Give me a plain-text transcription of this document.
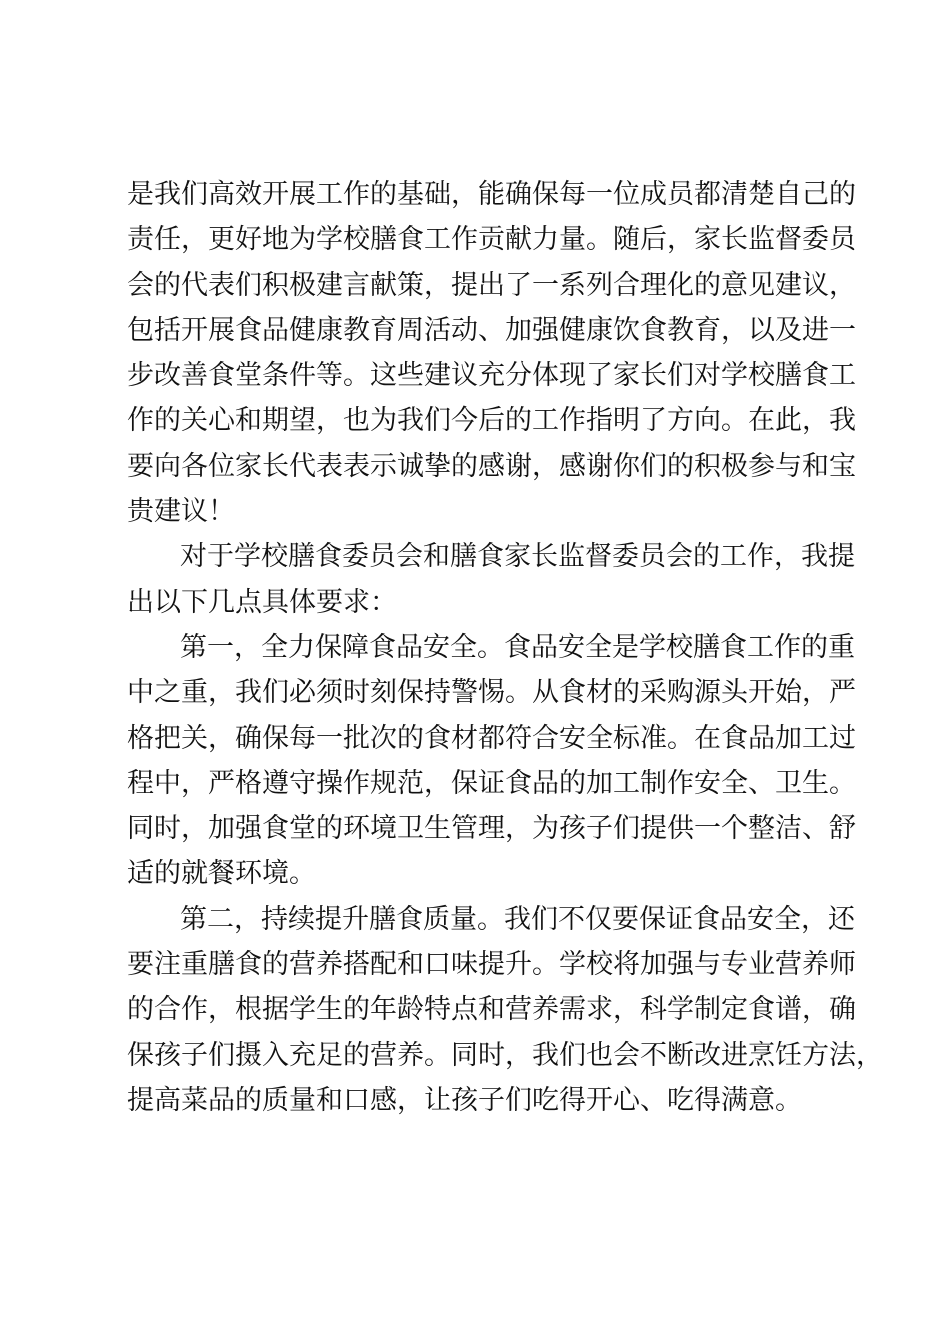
是我们高效开展工作的基础，能确保每一位成员都清楚自己的

责任，更好地为学校膳食工作贡献力量。随后，家长监督委员

会的代表们积极建言献策，提出了一系列合理化的意见建议，

包括开展食品健康教育周活动、加强健康饮食教育，以及进一

步改善食堂条件等。这些建议充分体现了家长们对学校膳食工

作的关心和期望，也为我们今后的工作指明了方向。在此，我

要向各位家长代表表示诚挚的感谢，感谢你们的积极参与和宝

贵建议！

对于学校膳食委员会和膳食家长监督委员会的工作，我提

出以下几点具体要求：

第一，全力保障食品安全。食品安全是学校膳食工作的重

中之重，我们必须时刻保持警惕。从食材的采购源头开始，严

格把关，确保每一批次的食材都符合安全标准。在食品加工过

程中，严格遵守操作规范，保证食品的加工制作安全、卫生。

同时，加强食堂的环境卫生管理，为孩子们提供一个整洁、舒

适的就餐环境。

第二，持续提升膳食质量。我们不仅要保证食品安全，还

要注重膳食的营养搭配和口味提升。学校将加强与专业营养师

的合作，根据学生的年龄特点和营养需求，科学制定食谱，确

保孩子们摄入充足的营养。同时，我们也会不断改进烹饪方法，

提高菜品的质量和口感，让孩子们吃得开心、吃得满意。
